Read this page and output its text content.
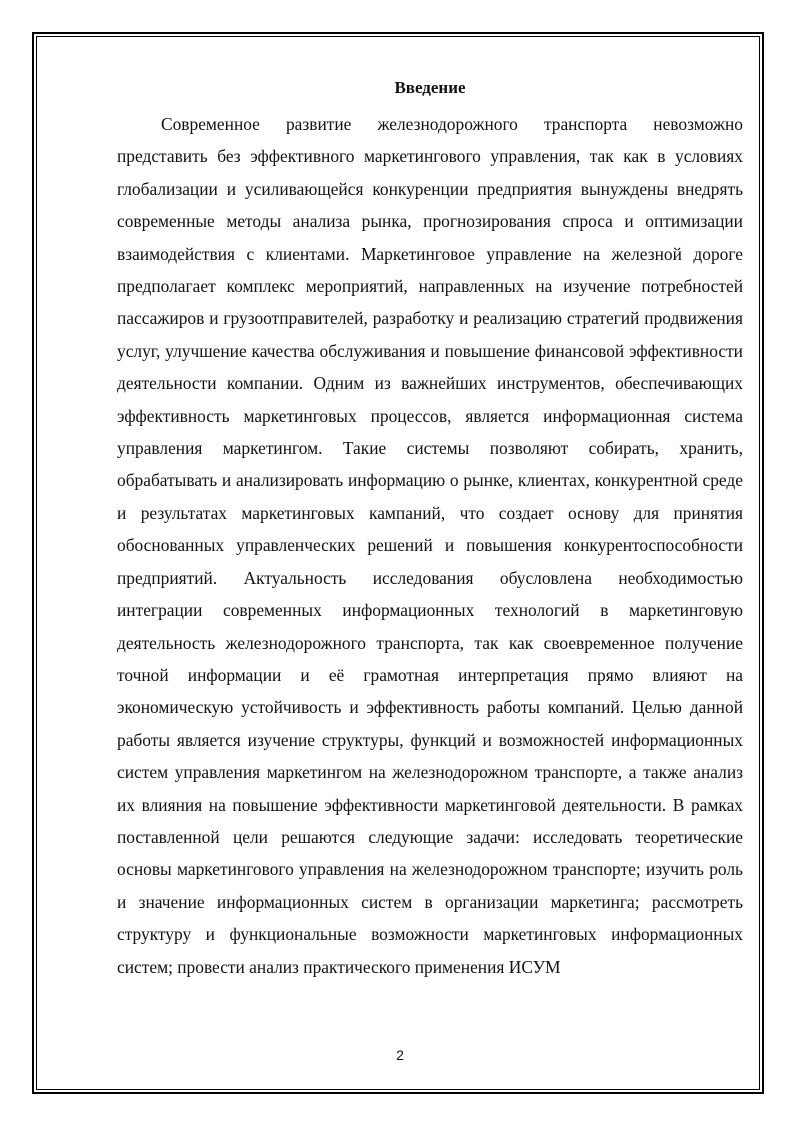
Введение

Современное развитие железнодорожного транспорта невозможно представить без эффективного маркетингового управления, так как в условиях глобализации и усиливающейся конкуренции предприятия вынуждены внедрять современные методы анализа рынка, прогнозирования спроса и оптимизации взаимодействия с клиентами. Маркетинговое управление на железной дороге предполагает комплекс мероприятий, направленных на изучение потребностей пассажиров и грузоотправителей, разработку и реализацию стратегий продвижения услуг, улучшение качества обслуживания и повышение финансовой эффективности деятельности компании. Одним из важнейших инструментов, обеспечивающих эффективность маркетинговых процессов, является информационная система управления маркетингом. Такие системы позволяют собирать, хранить, обрабатывать и анализировать информацию о рынке, клиентах, конкурентной среде и результатах маркетинговых кампаний, что создает основу для принятия обоснованных управленческих решений и повышения конкурентоспособности предприятий. Актуальность исследования обусловлена необходимостью интеграции современных информационных технологий в маркетинговую деятельность железнодорожного транспорта, так как своевременное получение точной информации и её грамотная интерпретация прямо влияют на экономическую устойчивость и эффективность работы компаний. Целью данной работы является изучение структуры, функций и возможностей информационных систем управления маркетингом на железнодорожном транспорте, а также анализ их влияния на повышение эффективности маркетинговой деятельности. В рамках поставленной цели решаются следующие задачи: исследовать теоретические основы маркетингового управления на железнодорожном транспорте; изучить роль и значение информационных систем в организации маркетинга; рассмотреть структуру и функциональные возможности маркетинговых информационных систем; провести анализ практического применения ИСУМ

2
